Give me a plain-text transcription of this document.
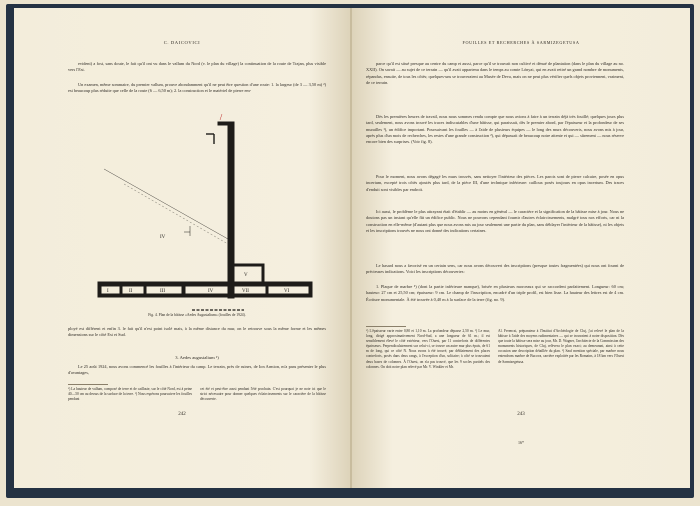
C. DAICOVICI
evident) a fost, sans doute, le fait qu'il ont vu dans le vallum du Nord (v. le plan du village) la continuation de la route de Trajan, plus visible vers l'Est.
Un examen, même sommaire, du premier vallum, prouve abondamment qu'il ne peut être question d'une route: 1. la largeur (de 3 — 3,50 m) ²) est beaucoup plus réduite que celle de la route (6 — 6,50 m); 2. la construction et le matériel de pierre em-
IV
I	II	III	IV
V
VI
VII
Fig. 4. Plan de la bâtisse «Aedes Augustalium» (fouilles de 1924).
ployé est différent et enfin 3. le fait qu'il n'est point isolé mais, à la même distance du mur, on le retrouve sous la même forme et les mêmes dimensions sur le côté Est et Sud.
3. Aedes augustalium ¹)
Le 25 août 1924, nous avons commencé les fouilles à l'intérieur du camp. Le terrain, près de ruines, de Ion Armion, m'a paru présenter le plus d'avantages,
¹) La hauteur de vallum, composé de terre et de caillaste, sur le côté Nord, est à peine 40—50 cm au dessus de la surface de la terre. ²) Nous espérons poursuivre les fouilles pendant
cet été et peut-être aussi pendant l'été prochain. C'est pourquoi je ne note ici que le strict nécessaire pour donner quelques éclaircissements sur le caractère de la bâtisse découverte.
242
FOUILLES ET RECHERCHES À SARMIZEGETUSA
parce qu'il est situé presque au centre du camp et aussi, parce qu'il se trouvait non cultivé et dénué de plantation (dans le plan du village au no. XXII). On savait — au sujet de ce terrain — qu'il avait appartenu dans le temps au comte Lónyai, qui en avait retiré un grand nombre de monuments, répandus, ensuite, de tous les côtés; quelques-uns se trouveraient au Musée de Deva, mais on ne peut plus vérifier quels objets proviennent, vraiment, de ce terrain.
Dès les premières heures de travail, nous nous sommes rendu compte que nous avions à faire à un terrain déjà très fouillé; quelques jours plus tard, seulement, nous avons trouvé les traces indiscutables d'une bâtisse, qui paraissait, dès le premier abord, par l'épaisseur et la profondeur de ses murailles ¹), un édifice important. Poursuivant les fouilles — à l'aide de plusieurs équipes — le long des murs découverts, nous avons mis à jour, après plus d'un mois de recherches, les restes d'une grande construction ²), qui dépassait de beaucoup notre attente et qui — sûrement — nous réserve encore bien des surprises. (Voir fig. 8).
Pour le moment, nous avons dégagé les murs trouvés, sans nettoyer l'intérieur des pièces. Les parois sont de pierre calcaire, posée en opus incertum, excepté trois côtés ajoutés plus tard, de la pièce III, d'une technique inférieure: cailloux posés toujours en opus incertum. Des traces d'enduit sont visibles par endroit.
Ici aussi, le problème le plus attrayant était d'établir — au moins en général — le caractère et la signification de la bâtisse mise à jour. Nous ne doutons pas un instant qu'elle fût un édifice public. Nous ne pouvons cependant fournir d'autres éclaircissements, malgré tous nos efforts, car ni la construction en elle-même (d'autant plus que nous avons mis au jour seulement une partie du plan, sans déblayer l'intérieur de la bâtisse), ni les objets et les inscriptions trouvés ne nous ont donné des indications certaines.
Le hasard nous a favorisé en un certain sens, car nous avons découvert des inscriptions (presque toutes fragmentées) qui nous ont fourni de précieuses indications. Voici les inscriptions découvertes:
1. Plaque de marbre ³) (dont la partie inférieure manque), brisée en plusieurs morceaux qui se raccordent parfaitement. Longueur: 60 cm; hauteur: 27 cm et 25,50 cm; épaisseur: 9 cm. Le champ de l'inscription, encadré d'un triple profil, est bien lisse. La hauteur des lettres est de 4 cm. Écriture monumentale. À été trouvée à 0,40 m à la surface de la terre (fig. no. 9).
¹) L'épaisseur varie entre 0,80 et 1,10 m. La profondeur dépasse 2,50 m. ²) Le mur, long, dirigé approximativement Nord-Sud, a une longueur de 61 m.; il est sensiblement élevé le côté extérieur, vers l'Ouest, par 11 contreforts de différentes épaisseurs. Perpendiculairement sur celui-ci, se trouve un autre mur plus épais, de 61 m de long, qui ce côté N. Nous avons à été trouvé, par déblaiement des places contreforts, posés dans deux rangs, à l'exception d'un, solitaire; à côté se trouvaient deux bases de colonnes. À l'Ouest, on n'a pas trouvé, que les 9 socles partiels des colonnes. On doit notre plan relevé par Mr. V. Winkler et Mr.
Al. Ferenczi, préparateur à l'Institut d'Archéologie de Cluj, j'ai relevé le plan de la bâtisse à l'aide des moyens rudimentaires — qui se trouvaient à notre disposition. Dès que toute la bâtisse sera mise au jour, Mr. D. Wagner, l'architecte de la Commission des monuments historiques, de Cluj, relèvera le plan exact; au demeurant, ainsi à cette occasion une description détaillée du plan. ³) Sauf mention spéciale, par marbre nous entendrons marbre de Bucova, carrière exploitée par les Romains, à 18 km vers l'Ouest de Sarmizegetusa.
243
16*
